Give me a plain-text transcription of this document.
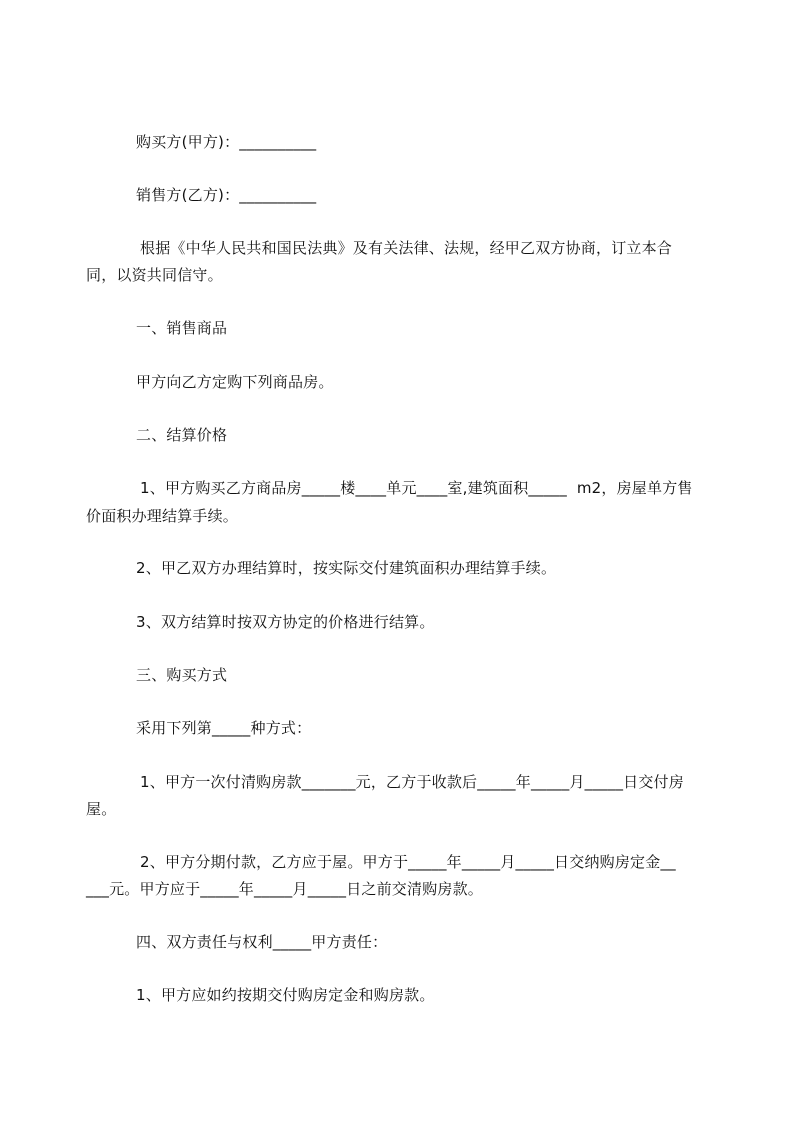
购买方(甲方)：__________
销售方(乙方)：__________
根据《中华人民共和国民法典》及有关法律、法规，经甲乙双方协商，订立本合
同，以资共同信守。
一、销售商品
甲方向乙方定购下列商品房。
二、结算价格
1、甲方购买乙方商品房_____楼____单元____室,建筑面积_____  m2，房屋单方售
价面积办理结算手续。
2、甲乙双方办理结算时，按实际交付建筑面积办理结算手续。
3、双方结算时按双方协定的价格进行结算。
三、购买方式
采用下列第_____种方式：
1、甲方一次付清购房款_______元，乙方于收款后_____年_____月_____日交付房
屋。
2、甲方分期付款，乙方应于屋。甲方于_____年_____月_____日交纳购房定金__
___元。甲方应于_____年_____月_____日之前交清购房款。
四、双方责任与权利_____甲方责任：
1、甲方应如约按期交付购房定金和购房款。
